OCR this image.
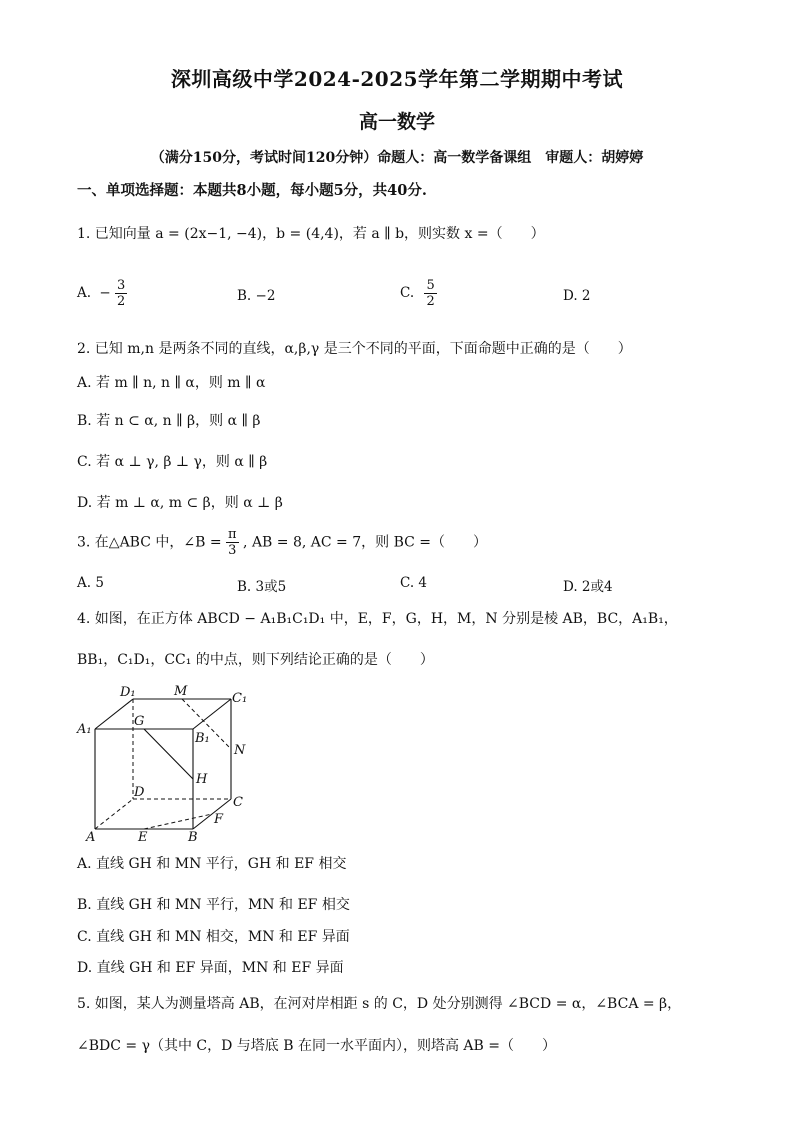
深圳高级中学2024-2025学年第二学期期中考试
高一数学
（满分150分，考试时间120分钟）命题人：高一数学备课组　审题人：胡婷婷
一、单项选择题：本题共8小题，每小题5分，共40分.
1. 已知向量 a = (2x−1, −4)，b = (4,4)，若 a ∥ b，则实数 x =（　　）
A. − $\frac{3}{2}$	B. −2	C. $\frac{5}{2}$	D. 2
2. 已知 m,n 是两条不同的直线，α,β,γ 是三个不同的平面，下面命题中正确的是（　　）
A. 若 m ∥ n, n ∥ α，则 m ∥ α
B. 若 n ⊂ α, n ∥ β，则 α ∥ β
C. 若 α ⊥ γ, β ⊥ γ，则 α ∥ β
D. 若 m ⊥ α, m ⊂ β，则 α ⊥ β
3. 在△ABC 中，∠B = $\frac{\pi}{3}$ , AB = 8, AC = 7，则 BC =（　　）
A. 5	B. 3或5	C. 4	D. 2或4
4. 如图，在正方体 ABCD − A₁B₁C₁D₁ 中，E，F，G，H，M，N 分别是棱 AB，BC，A₁B₁，
BB₁，C₁D₁，CC₁ 的中点，则下列结论正确的是（　　）
D₁	M	C₁
A₁
G
B₁
N
H
D
C
F
A	E	B
A. 直线 GH 和 MN 平行，GH 和 EF 相交
B. 直线 GH 和 MN 平行，MN 和 EF 相交
C. 直线 GH 和 MN 相交，MN 和 EF 异面
D. 直线 GH 和 EF 异面，MN 和 EF 异面
5. 如图，某人为测量塔高 AB，在河对岸相距 s 的 C，D 处分别测得 ∠BCD = α，∠BCA = β，
∠BDC = γ（其中 C，D 与塔底 B 在同一水平面内），则塔高 AB =（　　）
